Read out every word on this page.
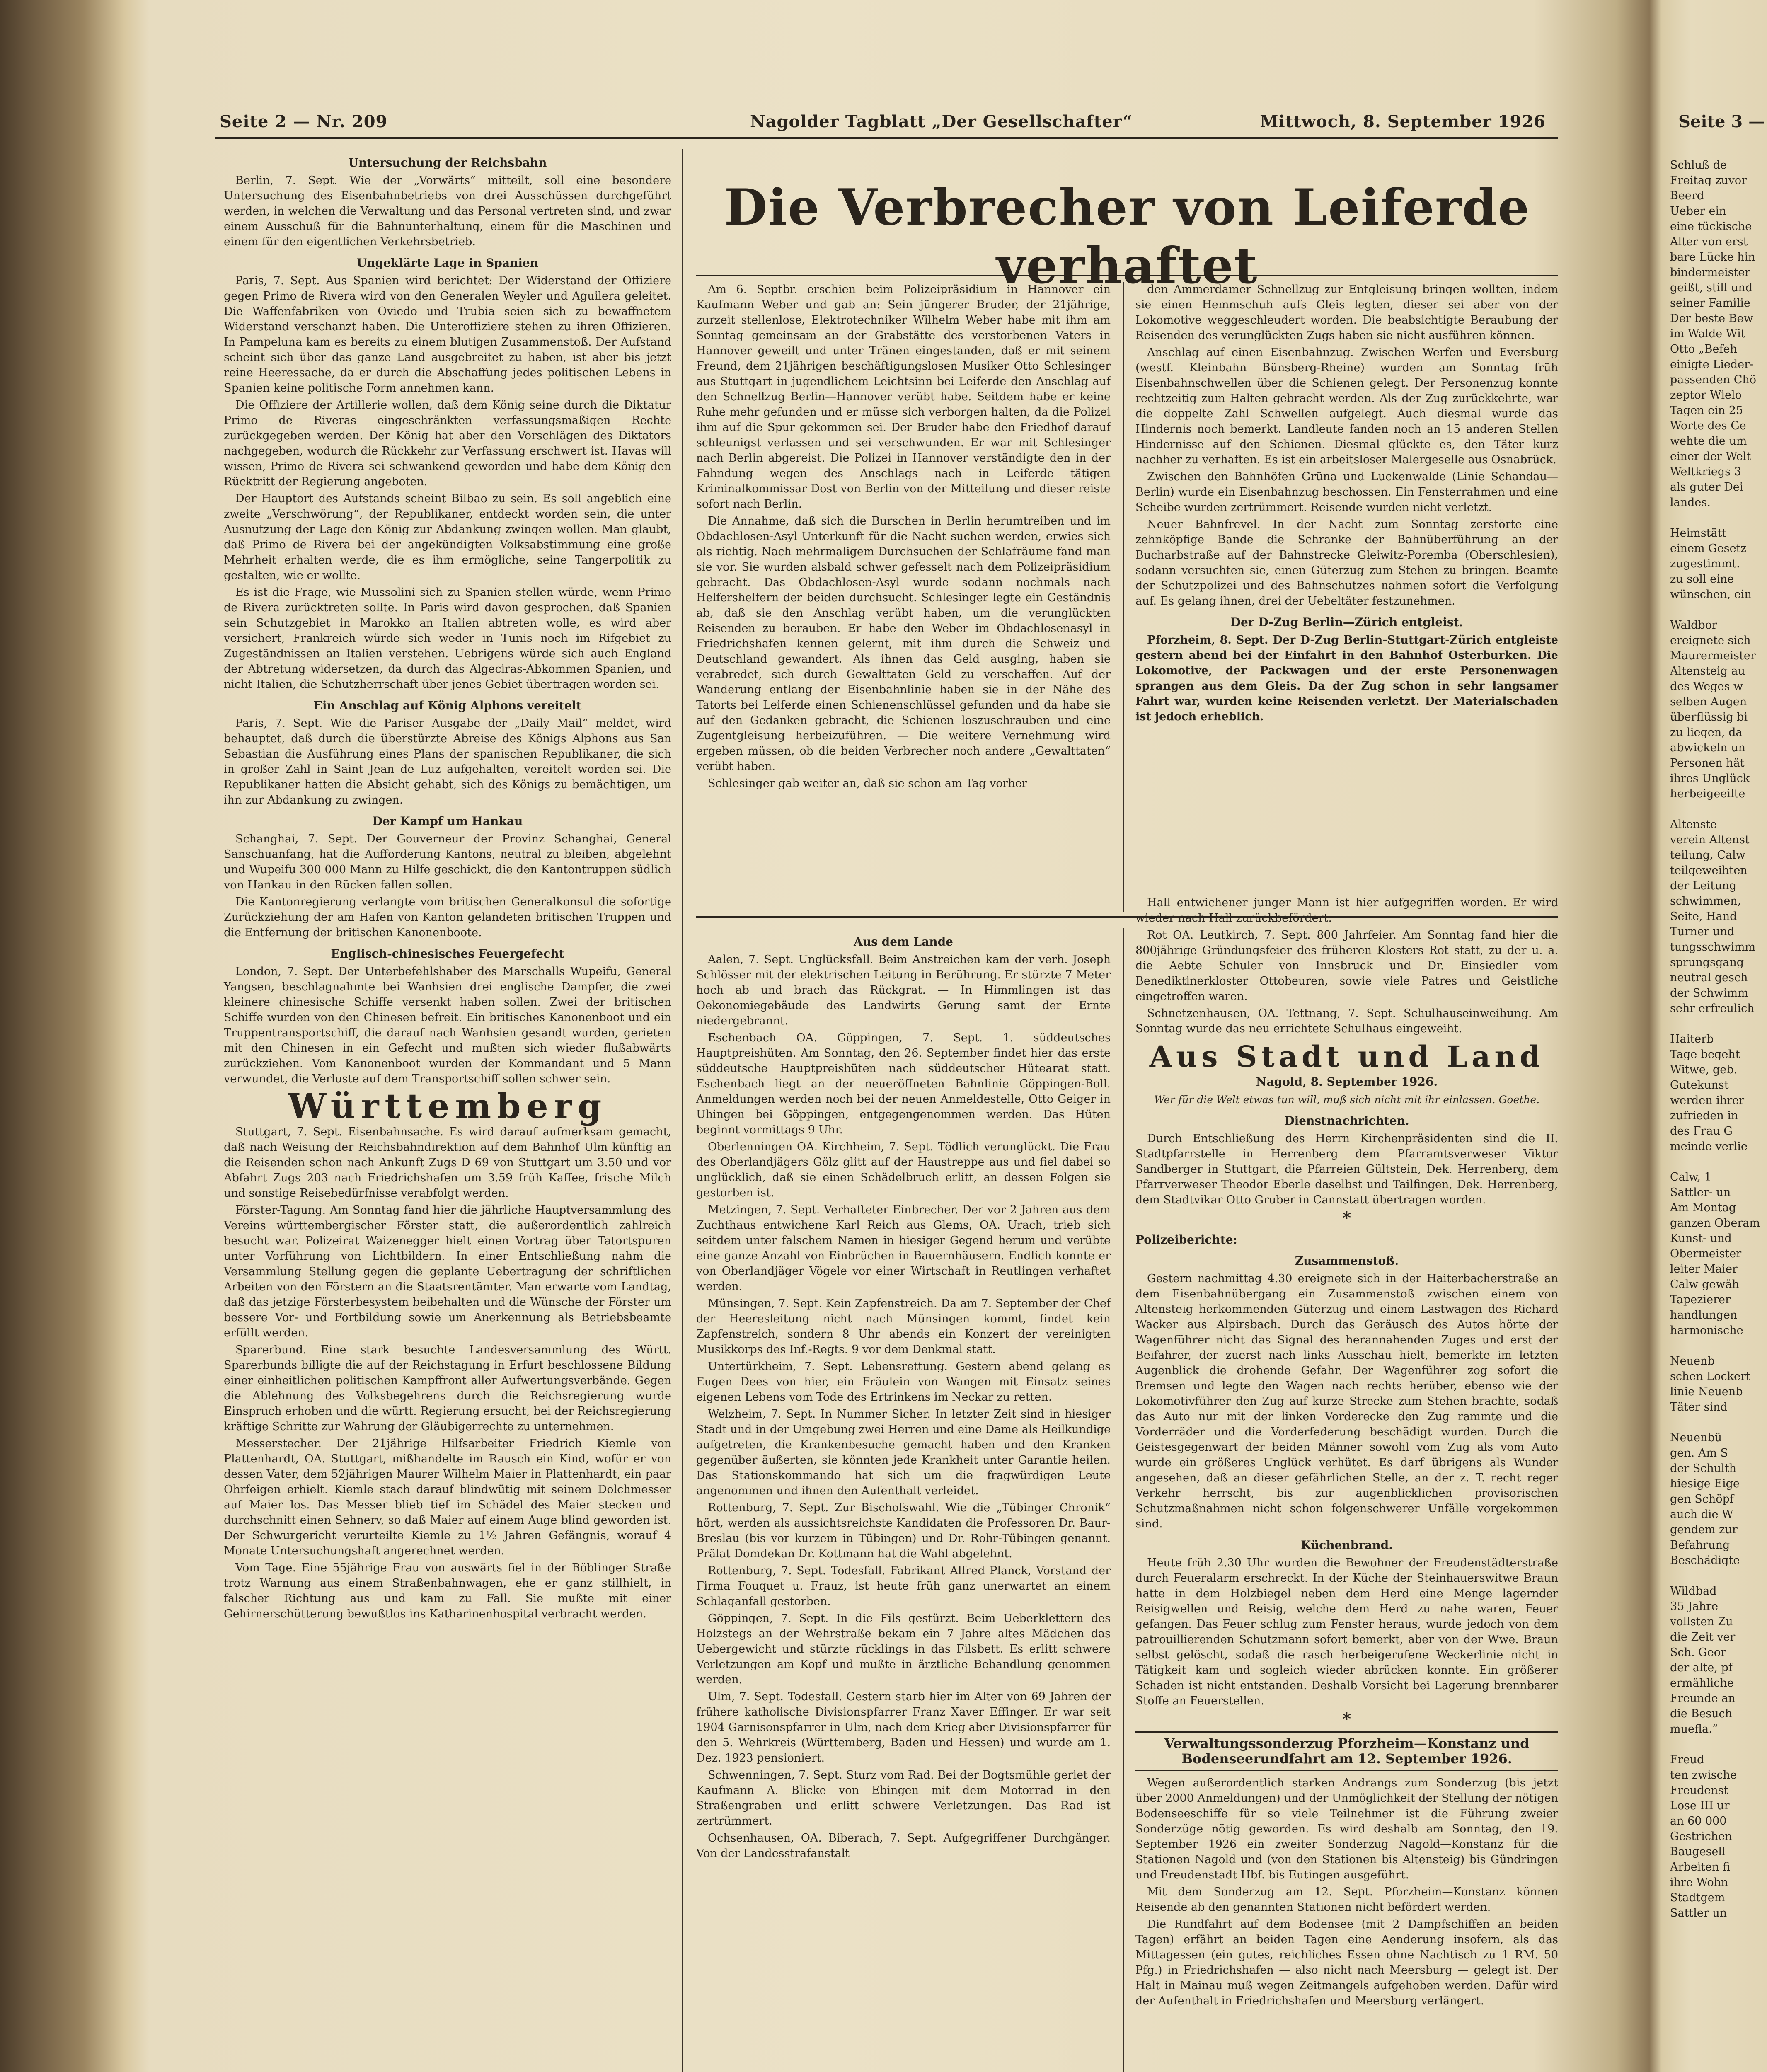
Seite 2 — Nr. 209	Nagolder Tagblatt „Der Gesellschafter“	Mittwoch, 8. September 1926
Untersuchung der Reichsbahn

Berlin, 7. Sept. Wie der „Vorwärts“ mitteilt, soll eine besondere Untersuchung des Eisenbahnbetriebs von drei Ausschüssen durchgeführt werden, in welchen die Verwaltung und das Personal vertreten sind, und zwar einem Ausschuß für die Bahnunterhaltung, einem für die Maschinen und einem für den eigentlichen Verkehrsbetrieb.

Ungeklärte Lage in Spanien

Paris, 7. Sept. Aus Spanien wird berichtet: Der Widerstand der Offiziere gegen Primo de Rivera wird von den Generalen Weyler und Aguilera geleitet. Die Waffenfabriken von Oviedo und Trubia seien sich zu bewaffnetem Widerstand verschanzt haben. Die Unteroffiziere stehen zu ihren Offizieren. In Pampeluna kam es bereits zu einem blutigen Zusammenstoß. Der Aufstand scheint sich über das ganze Land ausgebreitet zu haben, ist aber bis jetzt reine Heeressache, da er durch die Abschaffung jedes politischen Lebens in Spanien keine politische Form annehmen kann.

Die Offiziere der Artillerie wollen, daß dem König seine durch die Diktatur Primo de Riveras eingeschränkten verfassungsmäßigen Rechte zurückgegeben werden. Der König hat aber den Vorschlägen des Diktators nachgegeben, wodurch die Rückkehr zur Verfassung erschwert ist. Havas will wissen, Primo de Rivera sei schwankend geworden und habe dem König den Rücktritt der Regierung angeboten.

Der Hauptort des Aufstands scheint Bilbao zu sein. Es soll angeblich eine zweite „Verschwörung“, der Republikaner, entdeckt worden sein, die unter Ausnutzung der Lage den König zur Abdankung zwingen wollen. Man glaubt, daß Primo de Rivera bei der angekündigten Volksabstimmung eine große Mehrheit erhalten werde, die es ihm ermögliche, seine Tangerpolitik zu gestalten, wie er wollte.

Es ist die Frage, wie Mussolini sich zu Spanien stellen würde, wenn Primo de Rivera zurücktreten sollte. In Paris wird davon gesprochen, daß Spanien sein Schutzgebiet in Marokko an Italien abtreten wolle, es wird aber versichert, Frankreich würde sich weder in Tunis noch im Rifgebiet zu Zugeständnissen an Italien verstehen. Uebrigens würde sich auch England der Abtretung widersetzen, da durch das Algeciras-Abkommen Spanien, und nicht Italien, die Schutzherrschaft über jenes Gebiet übertragen worden sei.

Ein Anschlag auf König Alphons vereitelt

Paris, 7. Sept. Wie die Pariser Ausgabe der „Daily Mail“ meldet, wird behauptet, daß durch die überstürzte Abreise des Königs Alphons aus San Sebastian die Ausführung eines Plans der spanischen Republikaner, die sich in großer Zahl in Saint Jean de Luz aufgehalten, vereitelt worden sei. Die Republikaner hatten die Absicht gehabt, sich des Königs zu bemächtigen, um ihn zur Abdankung zu zwingen.

Der Kampf um Hankau

Schanghai, 7. Sept. Der Gouverneur der Provinz Schanghai, General Sanschuanfang, hat die Aufforderung Kantons, neutral zu bleiben, abgelehnt und Wupeifu 300 000 Mann zu Hilfe geschickt, die den Kantontruppen südlich von Hankau in den Rücken fallen sollen.

Die Kantonregierung verlangte vom britischen Generalkonsul die sofortige Zurückziehung der am Hafen von Kanton gelandeten britischen Truppen und die Entfernung der britischen Kanonenboote.

Englisch-chinesisches Feuergefecht

London, 7. Sept. Der Unterbefehlshaber des Marschalls Wupeifu, General Yangsen, beschlagnahmte bei Wanhsien drei englische Dampfer, die zwei kleinere chinesische Schiffe versenkt haben sollen. Zwei der britischen Schiffe wurden von den Chinesen befreit. Ein britisches Kanonenboot und ein Truppentransportschiff, die darauf nach Wanhsien gesandt wurden, gerieten mit den Chinesen in ein Gefecht und mußten sich wieder flußabwärts zurückziehen. Vom Kanonenboot wurden der Kommandant und 5 Mann verwundet, die Verluste auf dem Transportschiff sollen schwer sein.

Württemberg

Stuttgart, 7. Sept. Eisenbahnsache. Es wird darauf aufmerksam gemacht, daß nach Weisung der Reichsbahndirektion auf dem Bahnhof Ulm künftig an die Reisenden schon nach Ankunft Zugs D 69 von Stuttgart um 3.50 und vor Abfahrt Zugs 203 nach Friedrichshafen um 3.59 früh Kaffee, frische Milch und sonstige Reisebedürfnisse verabfolgt werden.

Förster-Tagung. Am Sonntag fand hier die jährliche Hauptversammlung des Vereins württembergischer Förster statt, die außerordentlich zahlreich besucht war. Polizeirat Waizenegger hielt einen Vortrag über Tatortspuren unter Vorführung von Lichtbildern. In einer Entschließung nahm die Versammlung Stellung gegen die geplante Uebertragung der schriftlichen Arbeiten von den Förstern an die Staatsrentämter. Man erwarte vom Landtag, daß das jetzige Försterbesystem beibehalten und die Wünsche der Förster um bessere Vor- und Fortbildung sowie um Anerkennung als Betriebsbeamte erfüllt werden.

Sparerbund. Eine stark besuchte Landesversammlung des Württ. Sparerbunds billigte die auf der Reichstagung in Erfurt beschlossene Bildung einer einheitlichen politischen Kampffront aller Aufwertungsverbände. Gegen die Ablehnung des Volksbegehrens durch die Reichsregierung wurde Einspruch erhoben und die württ. Regierung ersucht, bei der Reichsregierung kräftige Schritte zur Wahrung der Gläubigerrechte zu unternehmen.

Messerstecher. Der 21jährige Hilfsarbeiter Friedrich Kiemle von Plattenhardt, OA. Stuttgart, mißhandelte im Rausch ein Kind, wofür er von dessen Vater, dem 52jährigen Maurer Wilhelm Maier in Plattenhardt, ein paar Ohrfeigen erhielt. Kiemle stach darauf blindwütig mit seinem Dolchmesser auf Maier los. Das Messer blieb tief im Schädel des Maier stecken und durchschnitt einen Sehnerv, so daß Maier auf einem Auge blind geworden ist. Der Schwurgericht verurteilte Kiemle zu 1½ Jahren Gefängnis, worauf 4 Monate Untersuchungshaft angerechnet werden.

Vom Tage. Eine 55jährige Frau von auswärts fiel in der Böblinger Straße trotz Warnung aus einem Straßenbahnwagen, ehe er ganz stillhielt, in falscher Richtung aus und kam zu Fall. Sie mußte mit einer Gehirnerschütterung bewußtlos ins Katharinenhospital verbracht werden.

Die Verbrecher von Leiferde verhaftet

Am 6. Septbr. erschien beim Polizeipräsidium in Hannover ein Kaufmann Weber und gab an: Sein jüngerer Bruder, der 21jährige, zurzeit stellenlose, Elektrotechniker Wilhelm Weber habe mit ihm am Sonntag gemeinsam an der Grabstätte des verstorbenen Vaters in Hannover geweilt und unter Tränen eingestanden, daß er mit seinem Freund, dem 21jährigen beschäftigungslosen Musiker Otto Schlesinger aus Stuttgart in jugendlichem Leichtsinn bei Leiferde den Anschlag auf den Schnellzug Berlin—Hannover verübt habe. Seitdem habe er keine Ruhe mehr gefunden und er müsse sich verborgen halten, da die Polizei ihm auf die Spur gekommen sei. Der Bruder habe den Friedhof darauf schleunigst verlassen und sei verschwunden. Er war mit Schlesinger nach Berlin abgereist. Die Polizei in Hannover verständigte den in der Fahndung wegen des Anschlags nach in Leiferde tätigen Kriminalkommissar Dost von Berlin von der Mitteilung und dieser reiste sofort nach Berlin.

Die Annahme, daß sich die Burschen in Berlin herumtreiben und im Obdachlosen-Asyl Unterkunft für die Nacht suchen werden, erwies sich als richtig. Nach mehrmaligem Durchsuchen der Schlafräume fand man sie vor. Sie wurden alsbald schwer gefesselt nach dem Polizeipräsidium gebracht. Das Obdachlosen-Asyl wurde sodann nochmals nach Helfershelfern der beiden durchsucht. Schlesinger legte ein Geständnis ab, daß sie den Anschlag verübt haben, um die verunglückten Reisenden zu berauben. Er habe den Weber im Obdachlosenasyl in Friedrichshafen kennen gelernt, mit ihm durch die Schweiz und Deutschland gewandert. Als ihnen das Geld ausging, haben sie verabredet, sich durch Gewalttaten Geld zu verschaffen. Auf der Wanderung entlang der Eisenbahnlinie haben sie in der Nähe des Tatorts bei Leiferde einen Schienenschlüssel gefunden und da habe sie auf den Gedanken gebracht, die Schienen loszuschrauben und eine Zugentgleisung herbeizuführen. — Die weitere Vernehmung wird ergeben müssen, ob die beiden Verbrecher noch andere „Gewalttaten“ verübt haben.

Schlesinger gab weiter an, daß sie schon am Tag vorher

den Ammerdamer Schnellzug zur Entgleisung bringen wollten, indem sie einen Hemmschuh aufs Gleis legten, dieser sei aber von der Lokomotive weggeschleudert worden. Die beabsichtigte Beraubung der Reisenden des verunglückten Zugs haben sie nicht ausführen können.

Anschlag auf einen Eisenbahnzug. Zwischen Werfen und Eversburg (westf. Kleinbahn Bünsberg-Rheine) wurden am Sonntag früh Eisenbahnschwellen über die Schienen gelegt. Der Personenzug konnte rechtzeitig zum Halten gebracht werden. Als der Zug zurückkehrte, war die doppelte Zahl Schwellen aufgelegt. Auch diesmal wurde das Hindernis noch bemerkt. Landleute fanden noch an 15 anderen Stellen Hindernisse auf den Schienen. Diesmal glückte es, den Täter kurz nachher zu verhaften. Es ist ein arbeitsloser Malergeselle aus Osnabrück.

Zwischen den Bahnhöfen Grüna und Luckenwalde (Linie Schandau—Berlin) wurde ein Eisenbahnzug beschossen. Ein Fensterrahmen und eine Scheibe wurden zertrümmert. Reisende wurden nicht verletzt.

Neuer Bahnfrevel. In der Nacht zum Sonntag zerstörte eine zehnköpfige Bande die Schranke der Bahnüberführung an der Bucharbstraße auf der Bahnstrecke Gleiwitz-Poremba (Oberschlesien), sodann versuchten sie, einen Güterzug zum Stehen zu bringen. Beamte der Schutzpolizei und des Bahnschutzes nahmen sofort die Verfolgung auf. Es gelang ihnen, drei der Uebeltäter festzunehmen.

Der D-Zug Berlin—Zürich entgleist.

Pforzheim, 8. Sept. Der D-Zug Berlin-Stuttgart-Zürich entgleiste gestern abend bei der Einfahrt in den Bahnhof Osterburken. Die Lokomotive, der Packwagen und der erste Personenwagen sprangen aus dem Gleis. Da der Zug schon in sehr langsamer Fahrt war, wurden keine Reisenden verletzt. Der Materialschaden ist jedoch erheblich.

Aus dem Lande

Aalen, 7. Sept. Unglücksfall. Beim Anstreichen kam der verh. Joseph Schlösser mit der elektrischen Leitung in Berührung. Er stürzte 7 Meter hoch ab und brach das Rückgrat. — In Himmlingen ist das Oekonomiegebäude des Landwirts Gerung samt der Ernte niedergebrannt.

Eschenbach OA. Göppingen, 7. Sept. 1. süddeutsches Hauptpreishüten. Am Sonntag, den 26. September findet hier das erste süddeutsche Hauptpreishüten nach süddeutscher Hütearat statt. Eschenbach liegt an der neueröffneten Bahnlinie Göppingen-Boll. Anmeldungen werden noch bei der neuen Anmeldestelle, Otto Geiger in Uhingen bei Göppingen, entgegengenommen werden. Das Hüten beginnt vormittags 9 Uhr.

Oberlenningen OA. Kirchheim, 7. Sept. Tödlich verunglückt. Die Frau des Oberlandjägers Gölz glitt auf der Haustreppe aus und fiel dabei so unglücklich, daß sie einen Schädelbruch erlitt, an dessen Folgen sie gestorben ist.

Metzingen, 7. Sept. Verhafteter Einbrecher. Der vor 2 Jahren aus dem Zuchthaus entwichene Karl Reich aus Glems, OA. Urach, trieb sich seitdem unter falschem Namen in hiesiger Gegend herum und verübte eine ganze Anzahl von Einbrüchen in Bauernhäusern. Endlich konnte er von Oberlandjäger Vögele vor einer Wirtschaft in Reutlingen verhaftet werden.

Münsingen, 7. Sept. Kein Zapfenstreich. Da am 7. September der Chef der Heeresleitung nicht nach Münsingen kommt, findet kein Zapfenstreich, sondern 8 Uhr abends ein Konzert der vereinigten Musikkorps des Inf.-Regts. 9 vor dem Denkmal statt.

Untertürkheim, 7. Sept. Lebensrettung. Gestern abend gelang es Eugen Dees von hier, ein Fräulein von Wangen mit Einsatz seines eigenen Lebens vom Tode des Ertrinkens im Neckar zu retten.

Welzheim, 7. Sept. In Nummer Sicher. In letzter Zeit sind in hiesiger Stadt und in der Umgebung zwei Herren und eine Dame als Heilkundige aufgetreten, die Krankenbesuche gemacht haben und den Kranken gegenüber äußerten, sie könnten jede Krankheit unter Garantie heilen. Das Stationskommando hat sich um die fragwürdigen Leute angenommen und ihnen den Aufenthalt verleidet.

Rottenburg, 7. Sept. Zur Bischofswahl. Wie die „Tübinger Chronik“ hört, werden als aussichtsreichste Kandidaten die Professoren Dr. Baur-Breslau (bis vor kurzem in Tübingen) und Dr. Rohr-Tübingen genannt. Prälat Domdekan Dr. Kottmann hat die Wahl abgelehnt.

Rottenburg, 7. Sept. Todesfall. Fabrikant Alfred Planck, Vorstand der Firma Fouquet u. Frauz, ist heute früh ganz unerwartet an einem Schlaganfall gestorben.

Göppingen, 7. Sept. In die Fils gestürzt. Beim Ueberklettern des Holzstegs an der Wehrstraße bekam ein 7 Jahre altes Mädchen das Uebergewicht und stürzte rücklings in das Filsbett. Es erlitt schwere Verletzungen am Kopf und mußte in ärztliche Behandlung genommen werden.

Ulm, 7. Sept. Todesfall. Gestern starb hier im Alter von 69 Jahren der frühere katholische Divisionspfarrer Franz Xaver Effinger. Er war seit 1904 Garnisonspfarrer in Ulm, nach dem Krieg aber Divisionspfarrer für den 5. Wehrkreis (Württemberg, Baden und Hessen) und wurde am 1. Dez. 1923 pensioniert.

Schwenningen, 7. Sept. Sturz vom Rad. Bei der Bogtsmühle geriet der Kaufmann A. Blicke von Ebingen mit dem Motorrad in den Straßengraben und erlitt schwere Verletzungen. Das Rad ist zertrümmert.

Ochsenhausen, OA. Biberach, 7. Sept. Aufgegriffener Durchgänger. Von der Landesstrafanstalt

Hall entwichener junger Mann ist hier aufgegriffen worden. Er wird wieder nach Hall zurückbefördert.

Rot OA. Leutkirch, 7. Sept. 800 Jahrfeier. Am Sonntag fand hier die 800jährige Gründungsfeier des früheren Klosters Rot statt, zu der u. a. die Aebte Schuler von Innsbruck und Dr. Einsiedler vom Benediktinerkloster Ottobeuren, sowie viele Patres und Geistliche eingetroffen waren.

Schnetzenhausen, OA. Tettnang, 7. Sept. Schulhauseinweihung. Am Sonntag wurde das neu errichtete Schulhaus eingeweiht.

Aus Stadt und Land
Nagold, 8. September 1926.
Wer für die Welt etwas tun will, muß sich nicht mit ihr einlassen. Goethe.
Dienstnachrichten.

Durch Entschließung des Herrn Kirchenpräsidenten sind die II. Stadtpfarrstelle in Herrenberg dem Pfarramtsverweser Viktor Sandberger in Stuttgart, die Pfarreien Gültstein, Dek. Herrenberg, dem Pfarrverweser Theodor Eberle daselbst und Tailfingen, Dek. Herrenberg, dem Stadtvikar Otto Gruber in Cannstatt übertragen worden.

*
Polizeiberichte:
Zusammenstoß.

Gestern nachmittag 4.30 ereignete sich in der Haiterbacherstraße an dem Eisenbahnübergang ein Zusammenstoß zwischen einem von Altensteig herkommenden Güterzug und einem Lastwagen des Richard Wacker aus Alpirsbach. Durch das Geräusch des Autos hörte der Wagenführer nicht das Signal des herannahenden Zuges und erst der Beifahrer, der zuerst nach links Ausschau hielt, bemerkte im letzten Augenblick die drohende Gefahr. Der Wagenführer zog sofort die Bremsen und legte den Wagen nach rechts herüber, ebenso wie der Lokomotivführer den Zug auf kurze Strecke zum Stehen brachte, sodaß das Auto nur mit der linken Vorderecke den Zug rammte und die Vorderräder und die Vorderfederung beschädigt wurden. Durch die Geistesgegenwart der beiden Männer sowohl vom Zug als vom Auto wurde ein größeres Unglück verhütet. Es darf übrigens als Wunder angesehen, daß an dieser gefährlichen Stelle, an der z. T. recht reger Verkehr herrscht, bis zur augenblicklichen provisorischen Schutzmaßnahmen nicht schon folgenschwerer Unfälle vorgekommen sind.

Küchenbrand.

Heute früh 2.30 Uhr wurden die Bewohner der Freudenstädterstraße durch Feueralarm erschreckt. In der Küche der Steinhauerswitwe Braun hatte in dem Holzbiegel neben dem Herd eine Menge lagernder Reisigwellen und Reisig, welche dem Herd zu nahe waren, Feuer gefangen. Das Feuer schlug zum Fenster heraus, wurde jedoch von dem patrouillierenden Schutzmann sofort bemerkt, aber von der Wwe. Braun selbst gelöscht, sodaß die rasch herbeigerufene Weckerlinie nicht in Tätigkeit kam und sogleich wieder abrücken konnte. Ein größerer Schaden ist nicht entstanden. Deshalb Vorsicht bei Lagerung brennbarer Stoffe an Feuerstellen.

*
Verwaltungssonderzug Pforzheim—Konstanz und Bodenseerundfahrt am 12. September 1926.

Wegen außerordentlich starken Andrangs zum Sonderzug (bis jetzt über 2000 Anmeldungen) und der Unmöglichkeit der Stellung der nötigen Bodenseeschiffe für so viele Teilnehmer ist die Führung zweier Sonderzüge nötig geworden. Es wird deshalb am Sonntag, den 19. September 1926 ein zweiter Sonderzug Nagold—Konstanz für die Stationen Nagold und (von den Stationen bis Altensteig) bis Gündringen und Freudenstadt Hbf. bis Eutingen ausgeführt.

Mit dem Sonderzug am 12. Sept. Pforzheim—Konstanz können Reisende ab den genannten Stationen nicht befördert werden.

Die Rundfahrt auf dem Bodensee (mit 2 Dampfschiffen an beiden Tagen) erfährt an beiden Tagen eine Aenderung insofern, als das Mittagessen (ein gutes, reichliches Essen ohne Nachtisch zu 1 RM. 50 Pfg.) in Friedrichshafen — also nicht nach Meersburg — gelegt ist. Der Halt in Mainau muß wegen Zeitmangels aufgehoben werden. Dafür wird der Aufenthalt in Friedrichshafen und Meersburg verlängert.

Seite 3 —

Schluß de

Freitag zuvor

Beerd

Ueber ein

eine tückische

Alter von erst

bare Lücke hin

bindermeister

geißt, still und

seiner Familie

Der beste Bew

im Walde Wit

Otto „Befeh

einigte Lieder-

passenden Chö

zeptor Wielo

Tagen ein 25

Worte des Ge

wehte die um

einer der Welt

Weltkriegs 3

als guter Dei

landes.

Heimstätt

einem Gesetz

zugestimmt.

zu soll eine

wünschen, ein

Waldbor

ereignete sich

Maurermeister

Altensteig au

des Weges w

selben Augen

überflüssig bi

zu liegen, da

abwickeln un

Personen hät

ihres Unglück

herbeigeeilte

Altenste

verein Altenst

teilung, Calw

teilgeweihten

der Leitung

schwimmen,

Seite, Hand

Turner und

tungsschwimm

sprungsgang

neutral gesch

der Schwimm

sehr erfreulich

Haiterb

Tage begeht

Witwe, geb.

Gutekunst

werden ihrer

zufrieden in

des Frau G

meinde verlie

Calw, 1

Sattler- un

Am Montag

ganzen Oberam

Kunst- und

Obermeister

leiter Maier

Calw gewäh

Tapezierer

handlungen

harmonische

Neuenb

schen Lockert

linie Neuenb

Täter sind

Neuenbü

gen. Am S

der Schulth

hiesige Eige

gen Schöpf

auch die W

gendem zur

Befahrung

Beschädigte

Wildbad

35 Jahre

vollsten Zu

die Zeit ver

Sch. Geor

der alte, pf

ermähliche

Freunde an

die Besuch

muefla.“

Freud

ten zwische

Freudenst

Lose III ur

an 60 000

Gestrichen

Baugesell

Arbeiten fi

ihre Wohn

Stadtgem

Sattler un
